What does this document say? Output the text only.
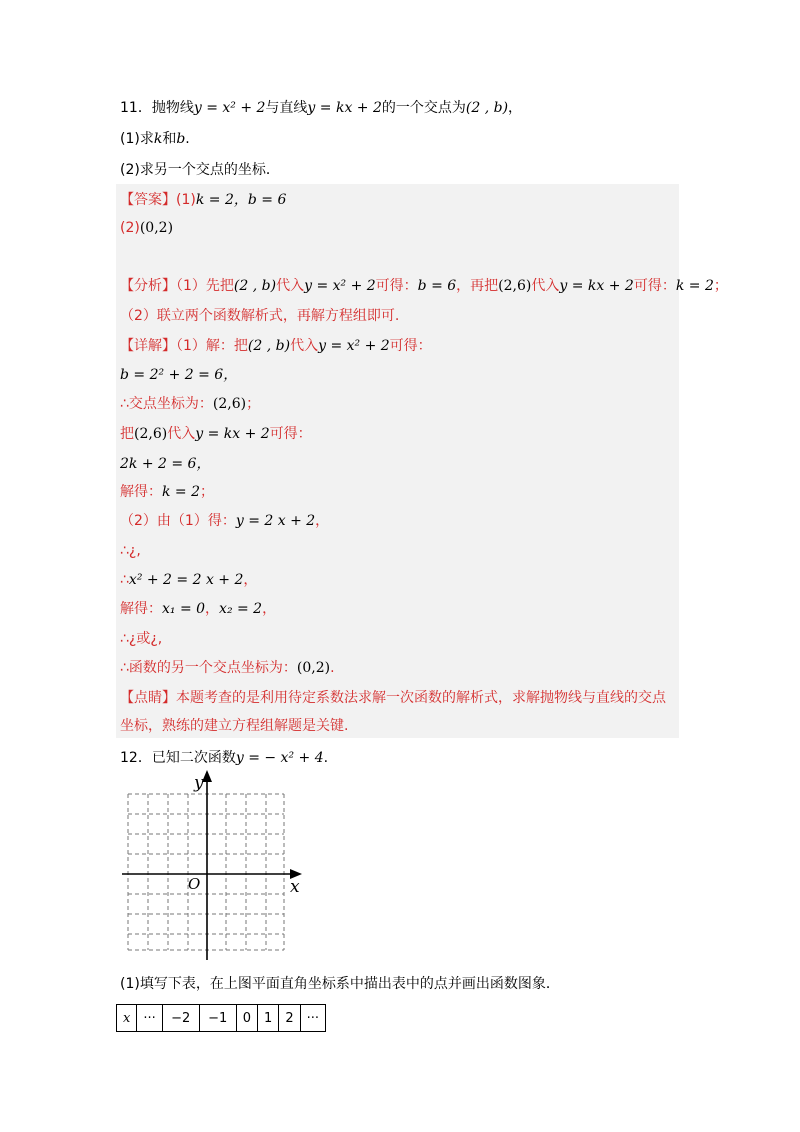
11．抛物线y = x² + 2与直线y = kx + 2的一个交点为(2 , b)，
(1)求k和b.
(2)求另一个交点的坐标．
【答案】(1)k = 2，b = 6
(2)(0,2)
【分析】（1）先把(2 , b)代入y = x² + 2可得：b = 6，再把(2,6)代入y = kx + 2可得：k = 2；
（2）联立两个函数解析式，再解方程组即可.
【详解】（1）解：把(2 , b)代入y = x² + 2可得：
b = 2² + 2 = 6，
∴交点坐标为：(2,6)；
把(2,6)代入y = kx + 2可得：
2k + 2 = 6，
解得：k = 2；
（2）由（1）得：y = 2 x + 2，
∴¿,
∴x² + 2 = 2 x + 2，
解得：x₁ = 0，x₂ = 2，
∴¿或¿,
∴函数的另一个交点坐标为：(0,2).
【点睛】本题考查的是利用待定系数法求解一次函数的解析式，求解抛物线与直线的交点
坐标，熟练的建立方程组解题是关键.
12．已知二次函数y = − x² + 4.
y
x
O
(1)填写下表，在上图平面直角坐标系中描出表中的点并画出函数图象．
x	···	−2	−1	0	1	2	···
